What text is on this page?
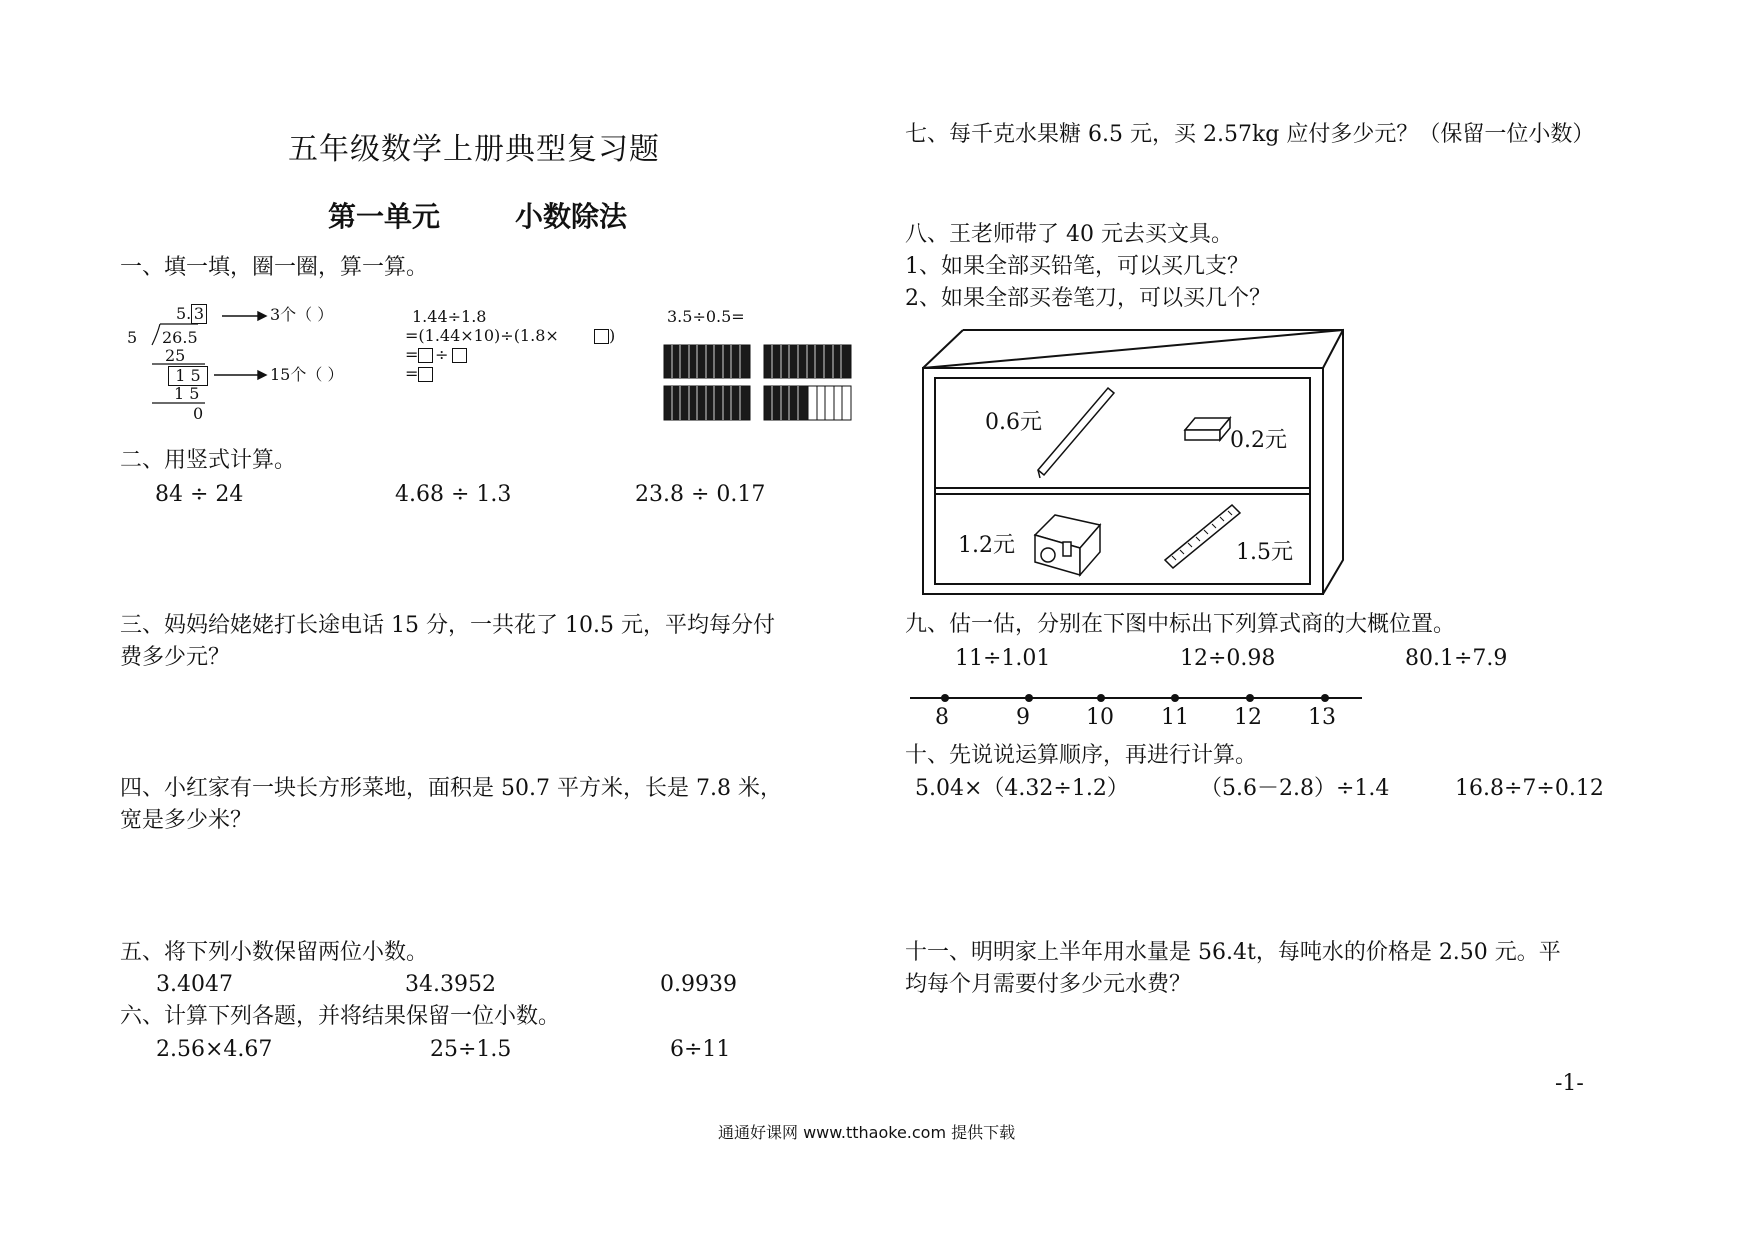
五年级数学上册典型复习题
第一单元	小数除法
一、填一填，圈一圈，算一算。
5. 3
5 26.5
25
1 5
1 5
0
3个（ ）
15个（ ）
1.44÷1.8
=(1.44×10)÷(1.8×	)
= ÷
=
3.5÷0.5=
二、用竖式计算。
84 ÷ 24	4.68 ÷ 1.3	23.8 ÷ 0.17
三、妈妈给姥姥打长途电话 15 分，一共花了 10.5 元，平均每分付
费多少元？
四、小红家有一块长方形菜地，面积是 50.7 平方米，长是 7.8 米，
宽是多少米？
五、将下列小数保留两位小数。
3.4047	34.3952	0.9939
六、计算下列各题，并将结果保留一位小数。
2.56×4.67	25÷1.5	6÷11
七、每千克水果糖 6.5 元，买 2.57kg 应付多少元？（保留一位小数）
八、王老师带了 40 元去买文具。
1、如果全部买铅笔，可以买几支？
2、如果全部买卷笔刀，可以买几个？
0.6元
0.2元
1.2元	1.5元
九、估一估，分别在下图中标出下列算式商的大概位置。
11÷1.01	12÷0.98	80.1÷7.9
8	9	10 11 12 13
十、先说说运算顺序，再进行计算。
5.04×（4.32÷1.2）	（5.6－2.8）÷1.4	16.8÷7÷0.12
十一、明明家上半年用水量是 56.4t，每吨水的价格是 2.50 元。平
均每个月需要付多少元水费？
-1-
通通好课网 www.tthaoke.com 提供下载
